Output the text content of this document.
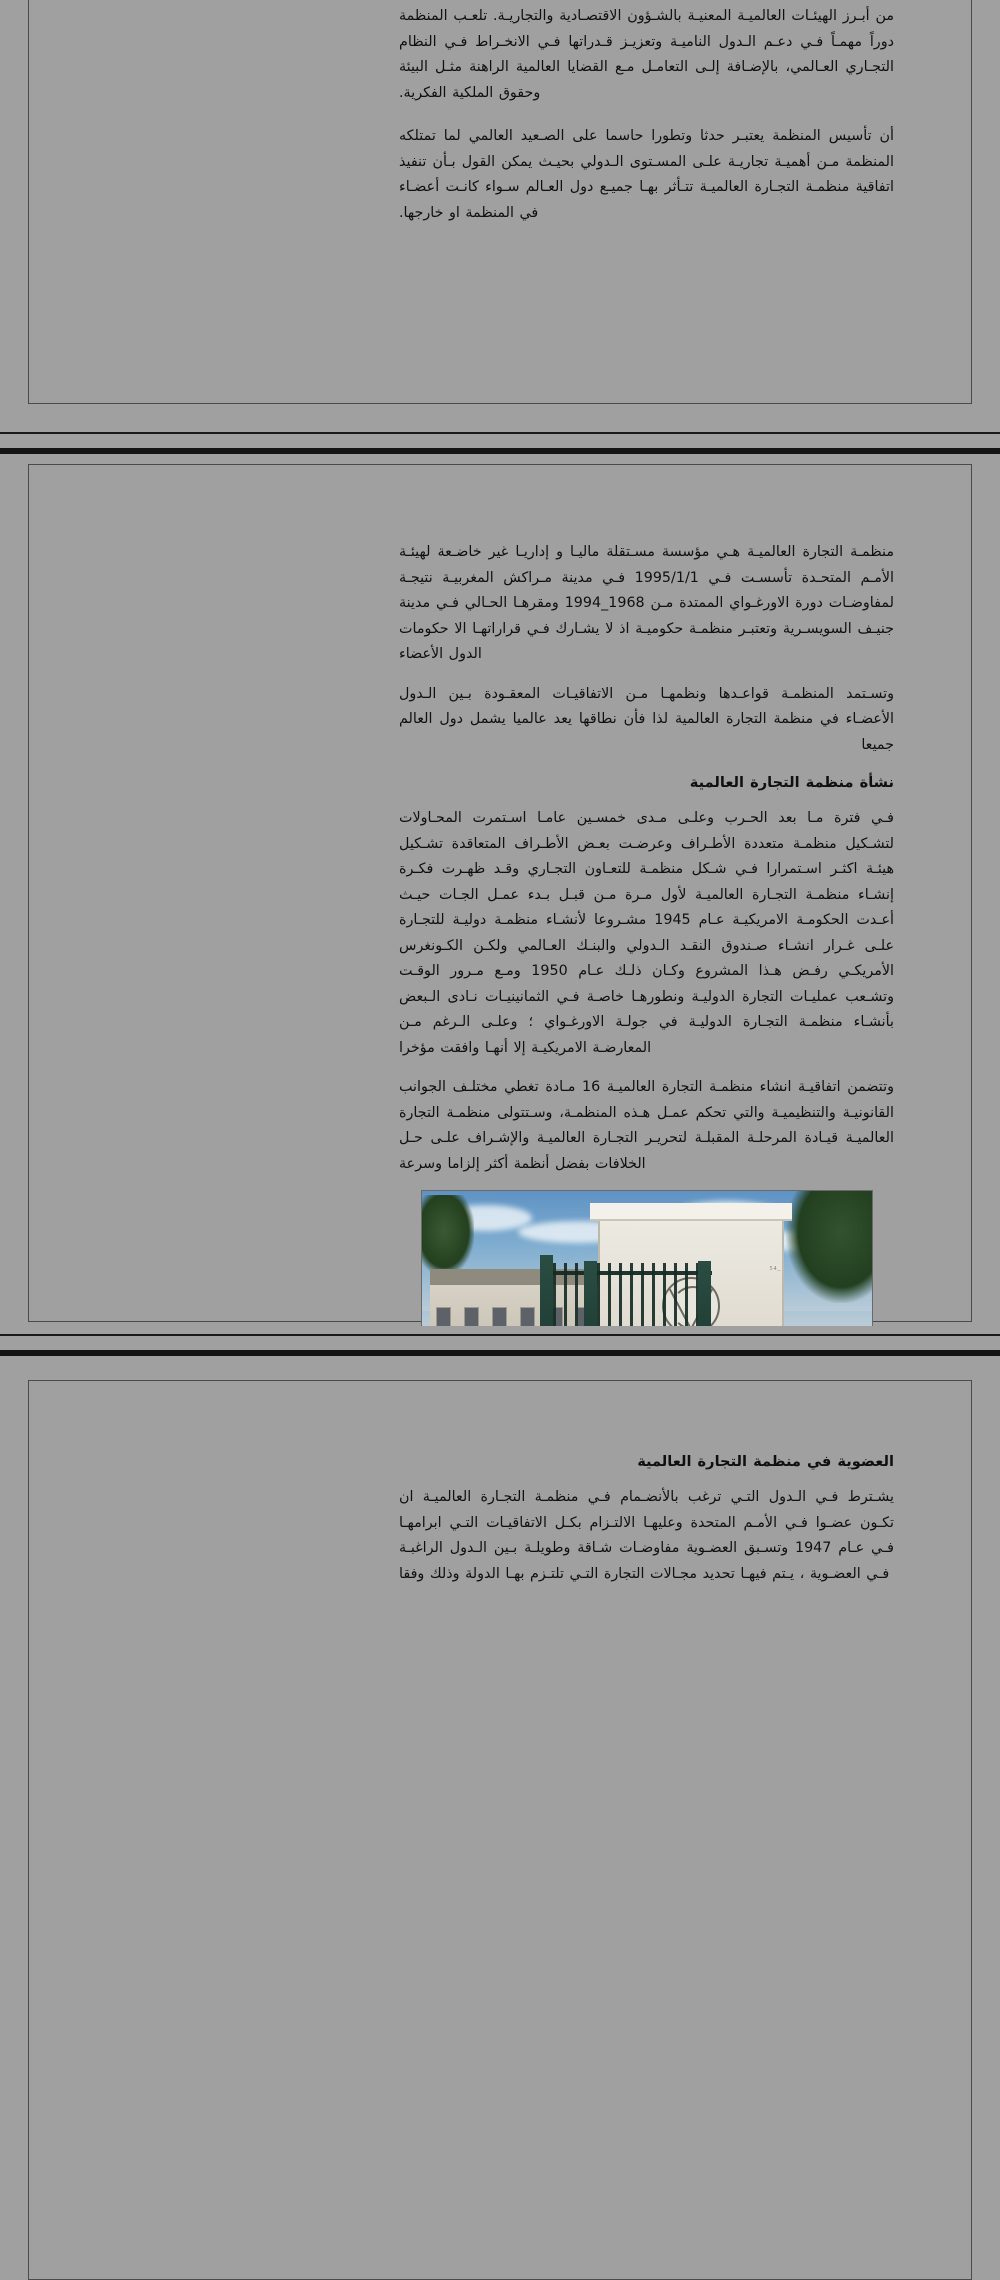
من أبـرز الهيئـات العالميـة المعنيـة بالشـؤون الاقتصـادية والتجاريـة. تلعـب المنظمة دوراً مهمـاً فـي دعـم الـدول الناميـة وتعزيـز قـدراتها فـي الانخـراط فـي النظام التجـاري العـالمي، بالإضـافة إلـى التعامـل مـع القضايا العالمية الراهنة مثـل البيئة وحقوق الملكية الفكرية.

أن تأسيس المنظمة يعتبـر حدثا وتطورا حاسما على الصـعيد العالمي لما تمتلكه المنظمة مـن أهميـة تجاريـة علـى المسـتوى الـدولي بحيـث يمكن القول بـأن تنفيذ اتفاقية منظمـة التجـارة العالميـة تتـأثر بهـا جميـع دول العـالم سـواء كانـت أعضـاء في المنظمة او خارجها.

منظمـة التجارة العالميـة هـي مؤسسة مسـتقلة ماليـا و إداريـا غير خاضـعة لهيئـة الأمـم المتحـدة تأسسـت فـي 1995/1/1 فـي مدينة مـراكش المغربيـة نتيجـة لمفاوضـات دورة الاورغـواي الممتدة مـن 1968_1994 ومقرهـا الحـالي فـي مدينة جنيـف السويسـرية وتعتبـر منظمـة حكوميـة اذ لا يشـارك فـي قراراتهـا الا حكومات الدول الأعضاء

وتسـتمد المنظمـة قواعـدها ونظمهـا مـن الاتفاقيـات المعقـودة بـين الـدول الأعضـاء في منظمة التجارة العالمية لذا فأن نطاقها يعد عالميا يشمل دول العالم جميعا

نشأة منظمة التجارة العالمية

فـي فترة مـا بعد الحـرب وعلـى مـدى خمسـين عامـا اسـتمرت المحـاولات لتشـكيل منظمـة متعددة الأطـراف وعرضـت بعـض الأطـراف المتعاقدة تشـكيل هيئـة اكثـر اسـتمرارا فـي شـكل منظمـة للتعـاون التجـاري وقـد ظهـرت فكـرة إنشـاء منظمـة التجـارة العالميـة لأول مـرة مـن قبـل بـدء عمـل الجـات حيـث أعـدت الحكومـة الامريكيـة عـام 1945 مشـروعا لأنشـاء منظمـة دوليـة للتجـارة علـى غـرار انشـاء صـندوق النقـد الـدولي والبنـك العـالمي ولكـن الكـونغرس الأمريكـي رفـض هـذا المشروع وكـان ذلـك عـام 1950 ومـع مـرور الوقـت وتشـعب عمليـات التجارة الدوليـة ونطورهـا خاصـة فـي الثمانينيـات نـادى الـبعض بأنشـاء منظمـة التجـارة الدوليـة في جولـة الاورغـواي ؛ وعلـى الـرغم مـن المعارضـة الامريكيـة إلا أنهـا وافقت مؤخرا

وتتضمن اتفاقيـة انشاء منظمـة التجارة العالميـة 16 مـادة تغطي مختلـف الجوانب القانونيـة والتنظيميـة والتي تحكم عمـل هـذه المنظمـة، وسـتتولى منظمـة التجارة العالميـة قيـادة المرحلـة المقبلـة لتحريـر التجـارة العالميـة والإشـراف علـى حـل الخلافات بفضل أنظمة أكثر إلزاما وسرعة

_54
العضوية في منظمة التجارة العالمية

يشـترط فـي الـدول التـي ترغب بالأنضـمام فـي منظمـة التجـارة العالميـة ان تكـون عضـوا فـي الأمـم المتحدة وعليهـا الالتـزام بكـل الاتفاقيـات التـي ابرامهـا فـي عـام 1947 وتسـبق العضـوية مفاوضـات شـاقة وطويلـة بـين الـدول الراغبـة فـي العضـوية ، يـتم فيهـا تحديد مجـالات التجارة التـي تلتـزم بهـا الدولة وذلك وفقا
